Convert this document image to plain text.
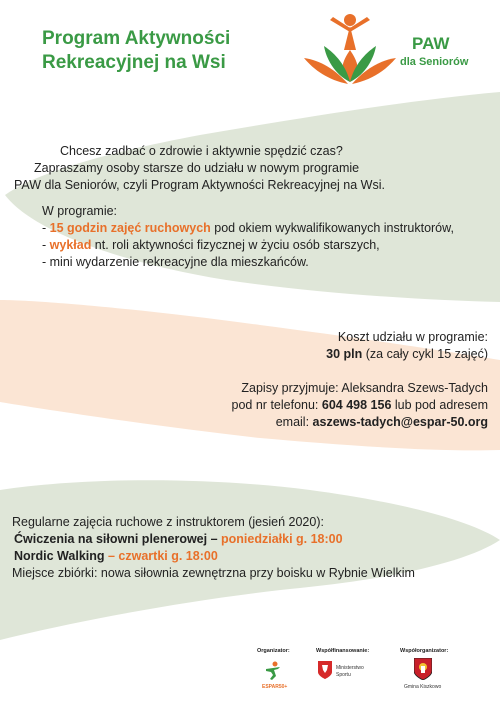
Program Aktywności
Rekreacyjnej na Wsi
PAW
dla Seniorów
Chcesz zadbać o zdrowie i aktywnie spędzić czas?
Zapraszamy osoby starsze do udziału w nowym programie
PAW dla Seniorów, czyli Program Aktywności Rekreacyjnej na Wsi.
W programie:
- 15 godzin zajęć ruchowych pod okiem wykwalifikowanych instruktorów,
- wykład nt. roli aktywności fizycznej w życiu osób starszych,
- mini wydarzenie rekreacyjne dla mieszkańców.
Koszt udziału w programie:
30 pln (za cały cykl 15 zajęć)
Zapisy przyjmuje: Aleksandra Szews-Tadych
pod nr telefonu: 604 498 156 lub pod adresem
email: aszews-tadych@espar-50.org
Regularne zajęcia ruchowe z instruktorem (jesień 2020):
Ćwiczenia na siłowni plenerowej – poniedziałki g. 18:00
Nordic Walking – czwartki g. 18:00
Miejsce zbiórki: nowa siłownia zewnętrzna przy boisku w Rybnie Wielkim
Organizator:
ESPAR50+
Współfinansowanie:
Ministerstwo
Sportu
Współorganizator:
Gmina Kiszkowo
